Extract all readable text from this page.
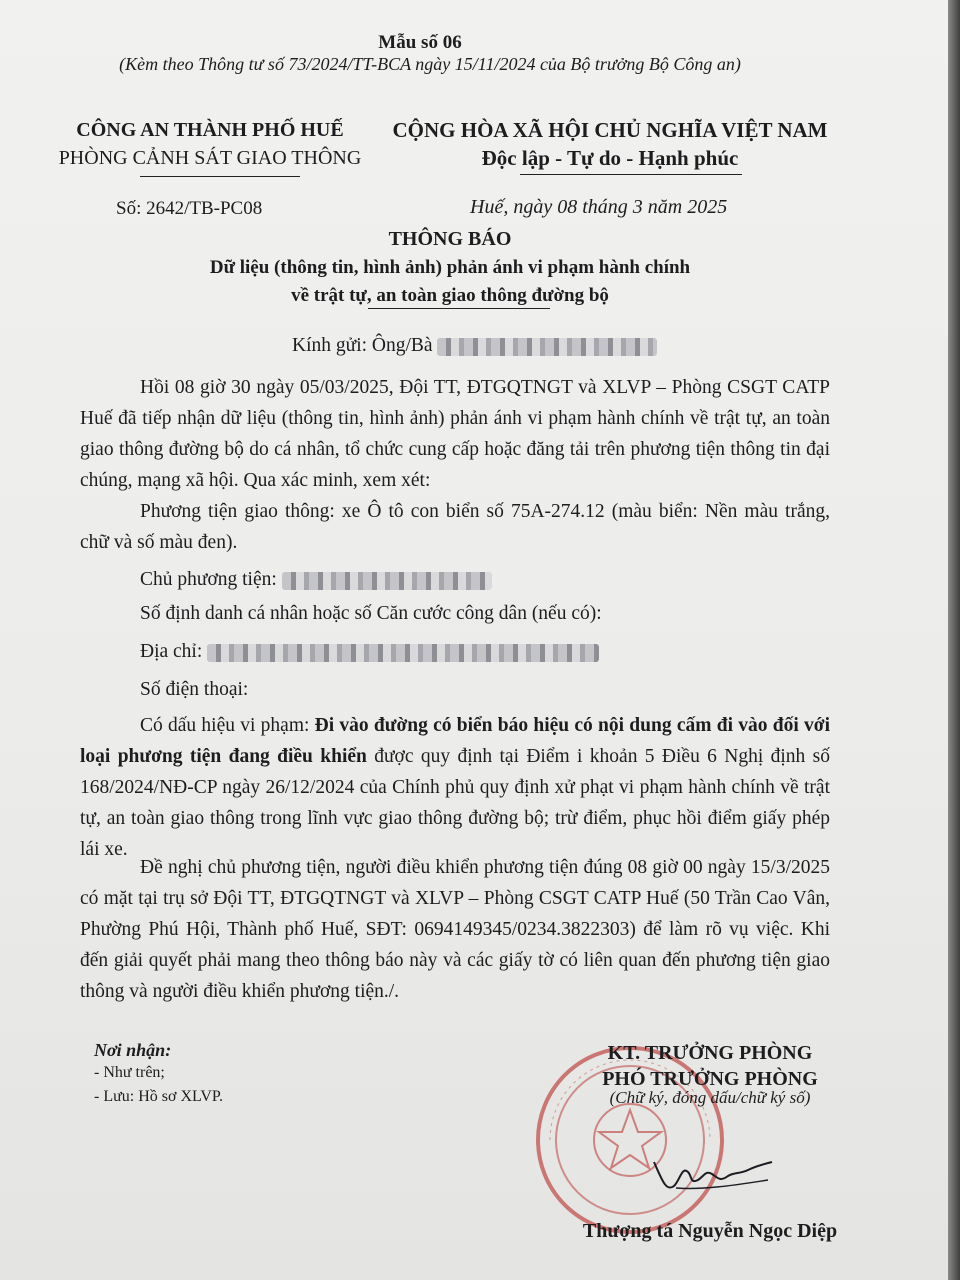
Mẫu số 06
(Kèm theo Thông tư số 73/2024/TT-BCA ngày 15/11/2024 của Bộ trưởng Bộ Công an)
CÔNG AN THÀNH PHỐ HUẾ
PHÒNG CẢNH SÁT GIAO THÔNG
CỘNG HÒA XÃ HỘI CHỦ NGHĨA VIỆT NAM
Độc lập - Tự do - Hạnh phúc
Số: 2642/TB-PC08	Huế, ngày 08 tháng 3 năm 2025
THÔNG BÁO
Dữ liệu (thông tin, hình ảnh) phản ánh vi phạm hành chính
về trật tự, an toàn giao thông đường bộ
Kính gửi: Ông/Bà
Hồi 08 giờ 30 ngày 05/03/2025, Đội TT, ĐTGQTNGT và XLVP – Phòng CSGT CATP Huế đã tiếp nhận dữ liệu (thông tin, hình ảnh) phản ánh vi phạm hành chính về trật tự, an toàn giao thông đường bộ do cá nhân, tổ chức cung cấp hoặc đăng tải trên phương tiện thông tin đại chúng, mạng xã hội. Qua xác minh, xem xét:
Phương tiện giao thông: xe Ô tô con biển số 75A-274.12 (màu biển: Nền màu trắng, chữ và số màu đen).
Chủ phương tiện:
Số định danh cá nhân hoặc số Căn cước công dân (nếu có):
Địa chỉ:
Số điện thoại:
Có dấu hiệu vi phạm: Đi vào đường có biển báo hiệu có nội dung cấm đi vào đối với loại phương tiện đang điều khiển được quy định tại Điểm i khoản 5 Điều 6 Nghị định số 168/2024/NĐ-CP ngày 26/12/2024 của Chính phủ quy định xử phạt vi phạm hành chính về trật tự, an toàn giao thông trong lĩnh vực giao thông đường bộ; trừ điểm, phục hồi điểm giấy phép lái xe.
Đề nghị chủ phương tiện, người điều khiển phương tiện đúng 08 giờ 00 ngày 15/3/2025 có mặt tại trụ sở Đội TT, ĐTGQTNGT và XLVP – Phòng CSGT CATP Huế (50 Trần Cao Vân, Phường Phú Hội, Thành phố Huế, SĐT: 0694149345/0234.3822303) để làm rõ vụ việc. Khi đến giải quyết phải mang theo thông báo này và các giấy tờ có liên quan đến phương tiện giao thông và người điều khiển phương tiện./.
Nơi nhận:
- Như trên;
- Lưu: Hồ sơ XLVP.
KT. TRƯỞNG PHÒNG
PHÓ TRƯỞNG PHÒNG
(Chữ ký, đóng dấu/chữ ký số)
Thượng tá Nguyễn Ngọc Diệp
